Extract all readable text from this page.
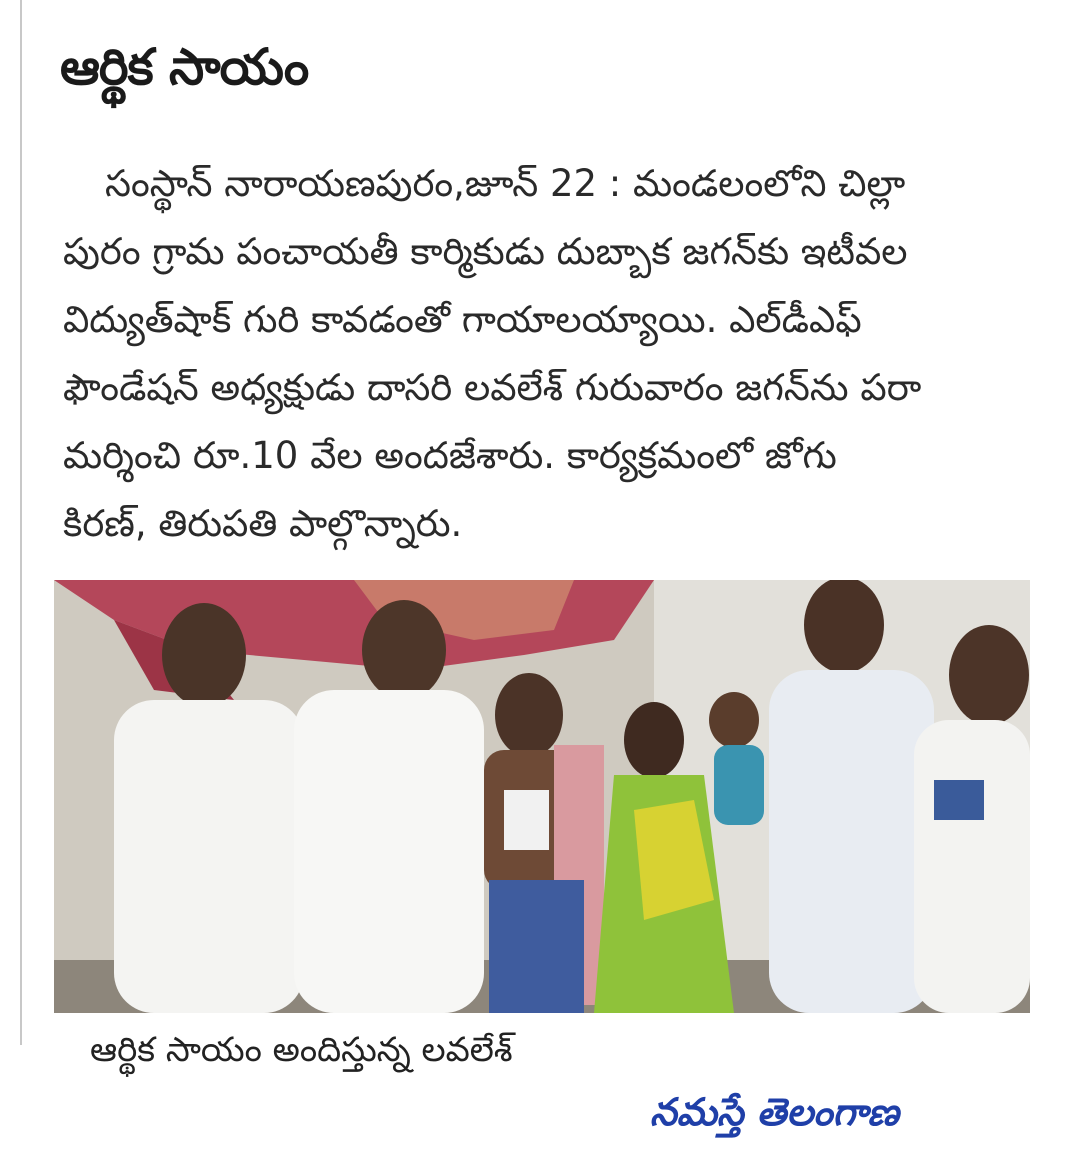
ఆర్థిక సాయం
సంస్థాన్ నారాయణపురం,జూన్ 22 : మండలంలోని చిల్లా
పురం గ్రామ పంచాయతీ కార్మికుడు దుబ్బాక జగన్‌కు ఇటీవల
విద్యుత్‌షాక్ గురి కావడంతో గాయాలయ్యాయి. ఎల్‌డీఎఫ్
ఫౌండేషన్ అధ్యక్షుడు దాసరి లవలేశ్ గురువారం జగన్‌ను పరా
మర్శించి రూ.10 వేల అందజేశారు. కార్యక్రమంలో జోగు
కిరణ్, తిరుపతి పాల్గొన్నారు.
ఆర్థిక సాయం అందిస్తున్న లవలేశ్
నమస్తే తెలంగాణ
